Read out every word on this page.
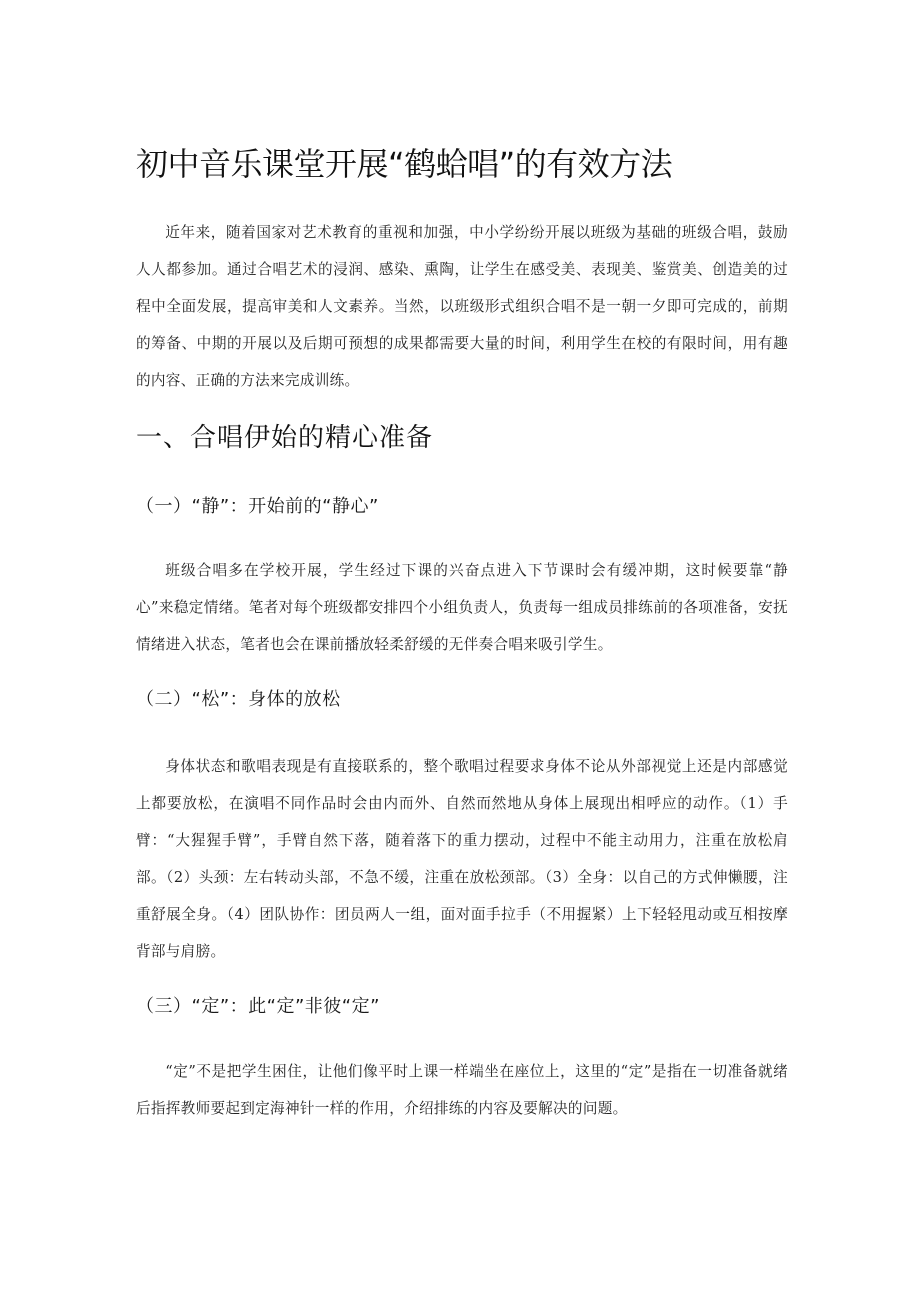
初中音乐课堂开展“鹤蛤唱”的有效方法

近年来，随着国家对艺术教育的重视和加强，中小学纷纷开展以班级为基础的班级合唱，鼓励人人都参加。通过合唱艺术的浸润、感染、熏陶，让学生在感受美、表现美、鉴赏美、创造美的过程中全面发展，提高审美和人文素养。当然，以班级形式组织合唱不是一朝一夕即可完成的，前期的筹备、中期的开展以及后期可预想的成果都需要大量的时间，利用学生在校的有限时间，用有趣的内容、正确的方法来完成训练。

一、合唱伊始的精心准备
（一）“静”：开始前的“静心”

班级合唱多在学校开展，学生经过下课的兴奋点进入下节课时会有缓冲期，这时候要靠“静心”来稳定情绪。笔者对每个班级都安排四个小组负责人，负责每一组成员排练前的各项准备，安抚情绪进入状态，笔者也会在课前播放轻柔舒缓的无伴奏合唱来吸引学生。

（二）“松”：身体的放松

身体状态和歌唱表现是有直接联系的，整个歌唱过程要求身体不论从外部视觉上还是内部感觉上都要放松，在演唱不同作品时会由内而外、自然而然地从身体上展现出相呼应的动作。（1）手臂：“大猩猩手臂”，手臂自然下落，随着落下的重力摆动，过程中不能主动用力，注重在放松肩部。（2）头颈：左右转动头部，不急不缓，注重在放松颈部。（3）全身：以自己的方式伸懒腰，注重舒展全身。（4）团队协作：团员两人一组，面对面手拉手（不用握紧）上下轻轻甩动或互相按摩背部与肩膀。

（三）“定”：此“定”非彼“定”

“定”不是把学生困住，让他们像平时上课一样端坐在座位上，这里的“定”是指在一切准备就绪后指挥教师要起到定海神针一样的作用，介绍排练的内容及要解决的问题。
